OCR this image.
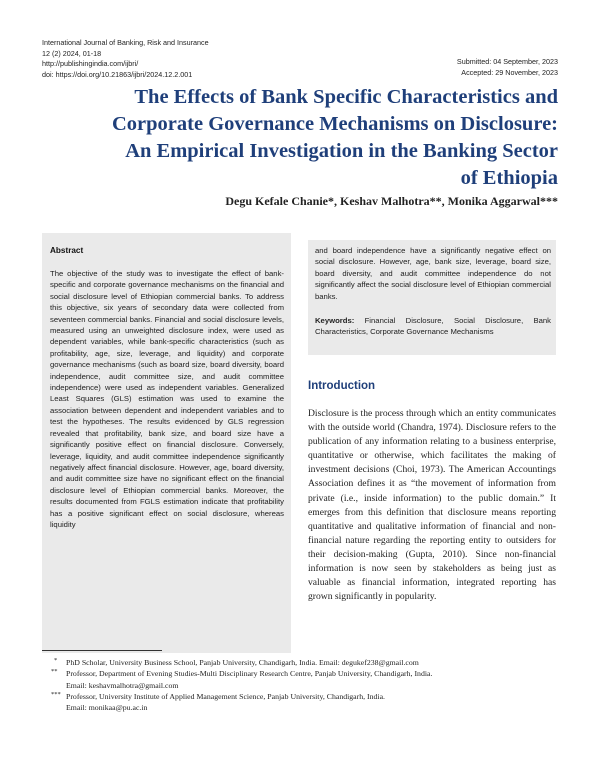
International Journal of Banking, Risk and Insurance
12 (2) 2024, 01-18
http://publishingindia.com/ijbri/
doi: https://doi.org/10.21863/ijbri/2024.12.2.001
Submitted: 04 September, 2023
Accepted: 29 November, 2023
The Effects of Bank Specific Characteristics and
Corporate Governance Mechanisms on Disclosure:
An Empirical Investigation in the Banking Sector
of Ethiopia
Degu Kefale Chanie*, Keshav Malhotra**, Monika Aggarwal***
Abstract

The objective of the study was to investigate the effect of bank-specific and corporate governance mechanisms on the financial and social disclosure level of Ethiopian commercial banks. To address this objective, six years of secondary data were collected from seventeen commercial banks. Financial and social disclosure levels, measured using an unweighted disclosure index, were used as dependent variables, while bank-specific characteristics (such as profitability, age, size, leverage, and liquidity) and corporate governance mechanisms (such as board size, board diversity, board independence, audit committee size, and audit committee independence) were used as independent variables. Generalized Least Squares (GLS) estimation was used to examine the association between dependent and independent variables and to test the hypotheses. The results evidenced by GLS regression revealed that profitability, bank size, and board size have a significantly positive effect on financial disclosure. Conversely, leverage, liquidity, and audit committee independence significantly negatively affect financial disclosure. However, age, board diversity, and audit committee size have no significant effect on the financial disclosure level of Ethiopian commercial banks. Moreover, the results documented from FGLS estimation indicate that profitability has a positive significant effect on social disclosure, whereas liquidity

and board independence have a significantly negative effect on social disclosure. However, age, bank size, leverage, board size, board diversity, and audit committee independence do not significantly affect the social disclosure level of Ethiopian commercial banks.

Keywords: Financial Disclosure, Social Disclosure, Bank Characteristics, Corporate Governance Mechanisms

Introduction

Disclosure is the process through which an entity communicates with the outside world (Chandra, 1974). Disclosure refers to the publication of any information relating to a business enterprise, quantitative or otherwise, which facilitates the making of investment decisions (Choi, 1973). The American Accountings Association defines it as “the movement of information from private (i.e., inside information) to the public domain.” It emerges from this definition that disclosure means reporting quantitative and qualitative information of financial and non-financial nature regarding the reporting entity to outsiders for their decision-making (Gupta, 2010). Since non-financial information is now seen by stakeholders as being just as valuable as financial information, integrated reporting has grown significantly in popularity.

* PhD Scholar, University Business School, Panjab University, Chandigarh, India. Email: degukef238@gmail.com
** Professor, Department of Evening Studies-Multi Disciplinary Research Centre, Panjab University, Chandigarh, India.
Email: keshavmalhotra@gmail.com
*** Professor, University Institute of Applied Management Science, Panjab University, Chandigarh, India.
Email: monikaa@pu.ac.in
